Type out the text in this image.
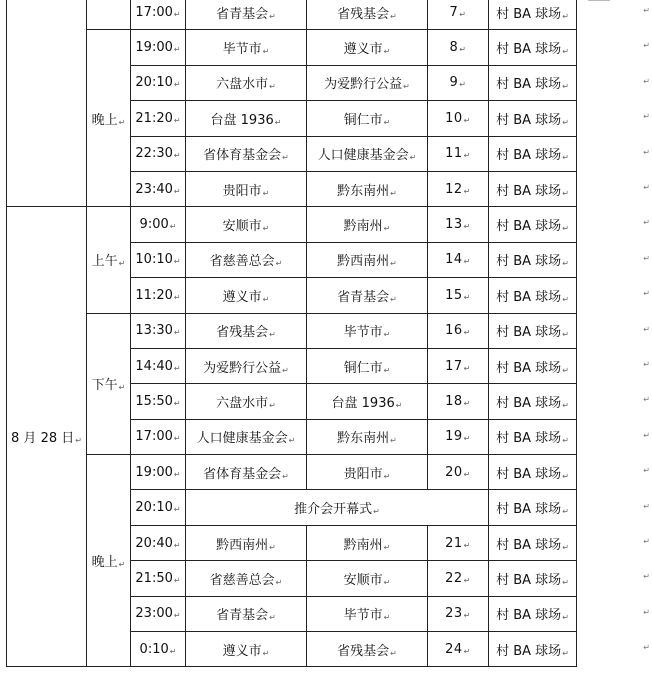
		17:00↵	省青基会↵	省残基会↵	7↵	村 BA 球场↵
	晚上↵	19:00↵	毕节市↵	遵义市↵	8↵	村 BA 球场↵
		20:10↵	六盘水市↵	为爱黔行公益↵	9↵	村 BA 球场↵
		21:20↵	台盘 1936↵	铜仁市↵	10↵	村 BA 球场↵
		22:30↵	省体育基金会↵	人口健康基金会↵	11↵	村 BA 球场↵
		23:40↵	贵阳市↵	黔东南州↵	12↵	村 BA 球场↵
8 月 28 日↵	上午↵	9:00↵	安顺市↵	黔南州↵	13↵	村 BA 球场↵
		10:10↵	省慈善总会↵	黔西南州↵	14↵	村 BA 球场↵
		11:20↵	遵义市↵	省青基会↵	15↵	村 BA 球场↵
	下午↵	13:30↵	省残基会↵	毕节市↵	16↵	村 BA 球场↵
		14:40↵	为爱黔行公益↵	铜仁市↵	17↵	村 BA 球场↵
		15:50↵	六盘水市↵	台盘 1936↵	18↵	村 BA 球场↵
		17:00↵	人口健康基金会↵	黔东南州↵	19↵	村 BA 球场↵
	晚上↵	19:00↵	省体育基金会↵	贵阳市↵	20↵	村 BA 球场↵
		20:10↵	推介会开幕式↵			村 BA 球场↵
		20:40↵	黔西南州↵	黔南州↵	21↵	村 BA 球场↵
		21:50↵	省慈善总会↵	安顺市↵	22↵	村 BA 球场↵
		23:00↵	省青基会↵	毕节市↵	23↵	村 BA 球场↵
		0:10↵	遵义市↵	省残基会↵	24↵	村 BA 球场↵
↵
↵
↵
↵
↵
↵
↵
↵
↵
↵
↵
↵
↵
↵
↵
↵
↵
↵
↵
